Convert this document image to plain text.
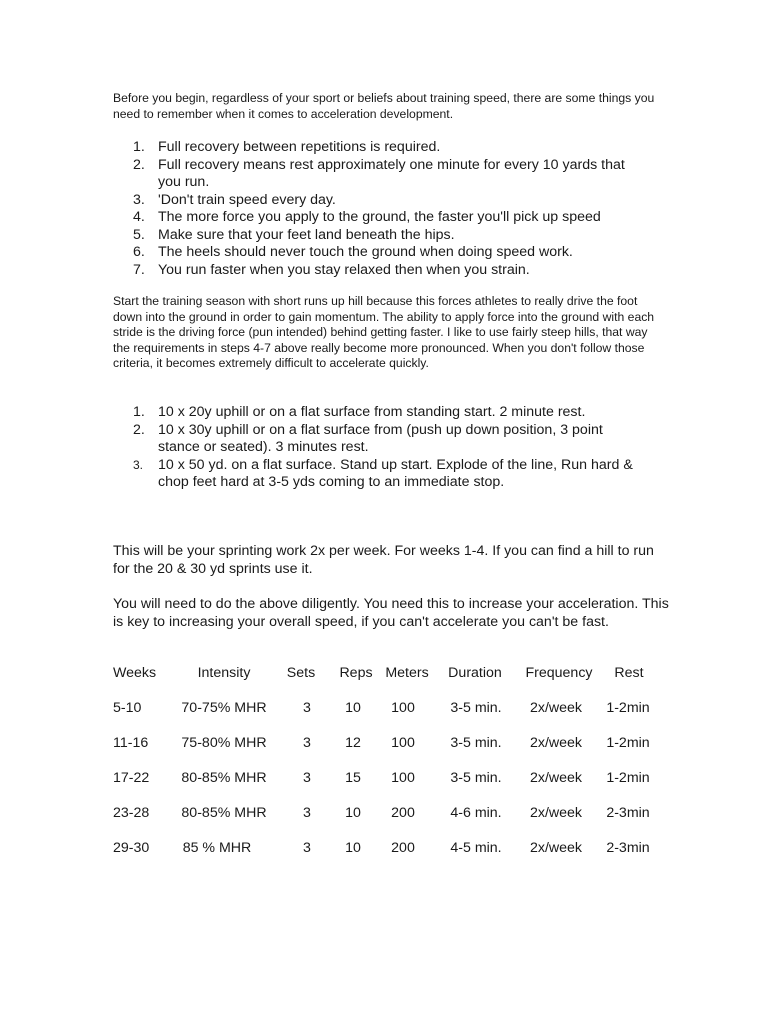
Before you begin, regardless of your sport or beliefs about training speed, there are some things you need to remember when it comes to acceleration development.

1. Full recovery between repetitions is required.
2. Full recovery means rest approximately one minute for every 10 yards that you run.
3. 'Don't train speed every day.
4. The more force you apply to the ground, the faster you'll pick up speed
5. Make sure that your feet land beneath the hips.
6. The heels should never touch the ground when doing speed work.
7. You run faster when you stay relaxed then when you strain.

Start the training season with short runs up hill because this forces athletes to really drive the foot down into the ground in order to gain momentum. The ability to apply force into the ground with each stride is the driving force (pun intended) behind getting faster. I like to use fairly steep hills, that way the requirements in steps 4-7 above really become more pronounced. When you don't follow those criteria, it becomes extremely difficult to accelerate quickly.

1. 10 x 20y uphill or on a flat surface from standing start. 2 minute rest.
2. 10 x 30y uphill or on a flat surface from (push up down position, 3 point stance or seated). 3 minutes rest.
3. 10 x 50 yd. on a flat surface. Stand up start. Explode of the line, Run hard & chop feet hard at 3-5 yds coming to an immediate stop.

This will be your sprinting work 2x per week. For weeks 1-4. If you can find a hill to run for the 20 & 30 yd sprints use it.

You will need to do the above diligently. You need this to increase your acceleration. This is key to increasing your overall speed, if you can't accelerate you can't be fast.

Weeks	Intensity	Sets Reps Meters Duration Frequency Rest
5-10	70-75% MHR	3 10 100	3-5 min. 2x/week 1-2min
11-16 75-80% MHR	3 12 100	3-5 min. 2x/week 1-2min
17-22 80-85% MHR	3 15 100	3-5 min. 2x/week 1-2min
23-28 80-85% MHR	3 10 200	4-6 min. 2x/week 2-3min
29-30 85 % MHR	3 10 200	4-5 min. 2x/week 2-3min
